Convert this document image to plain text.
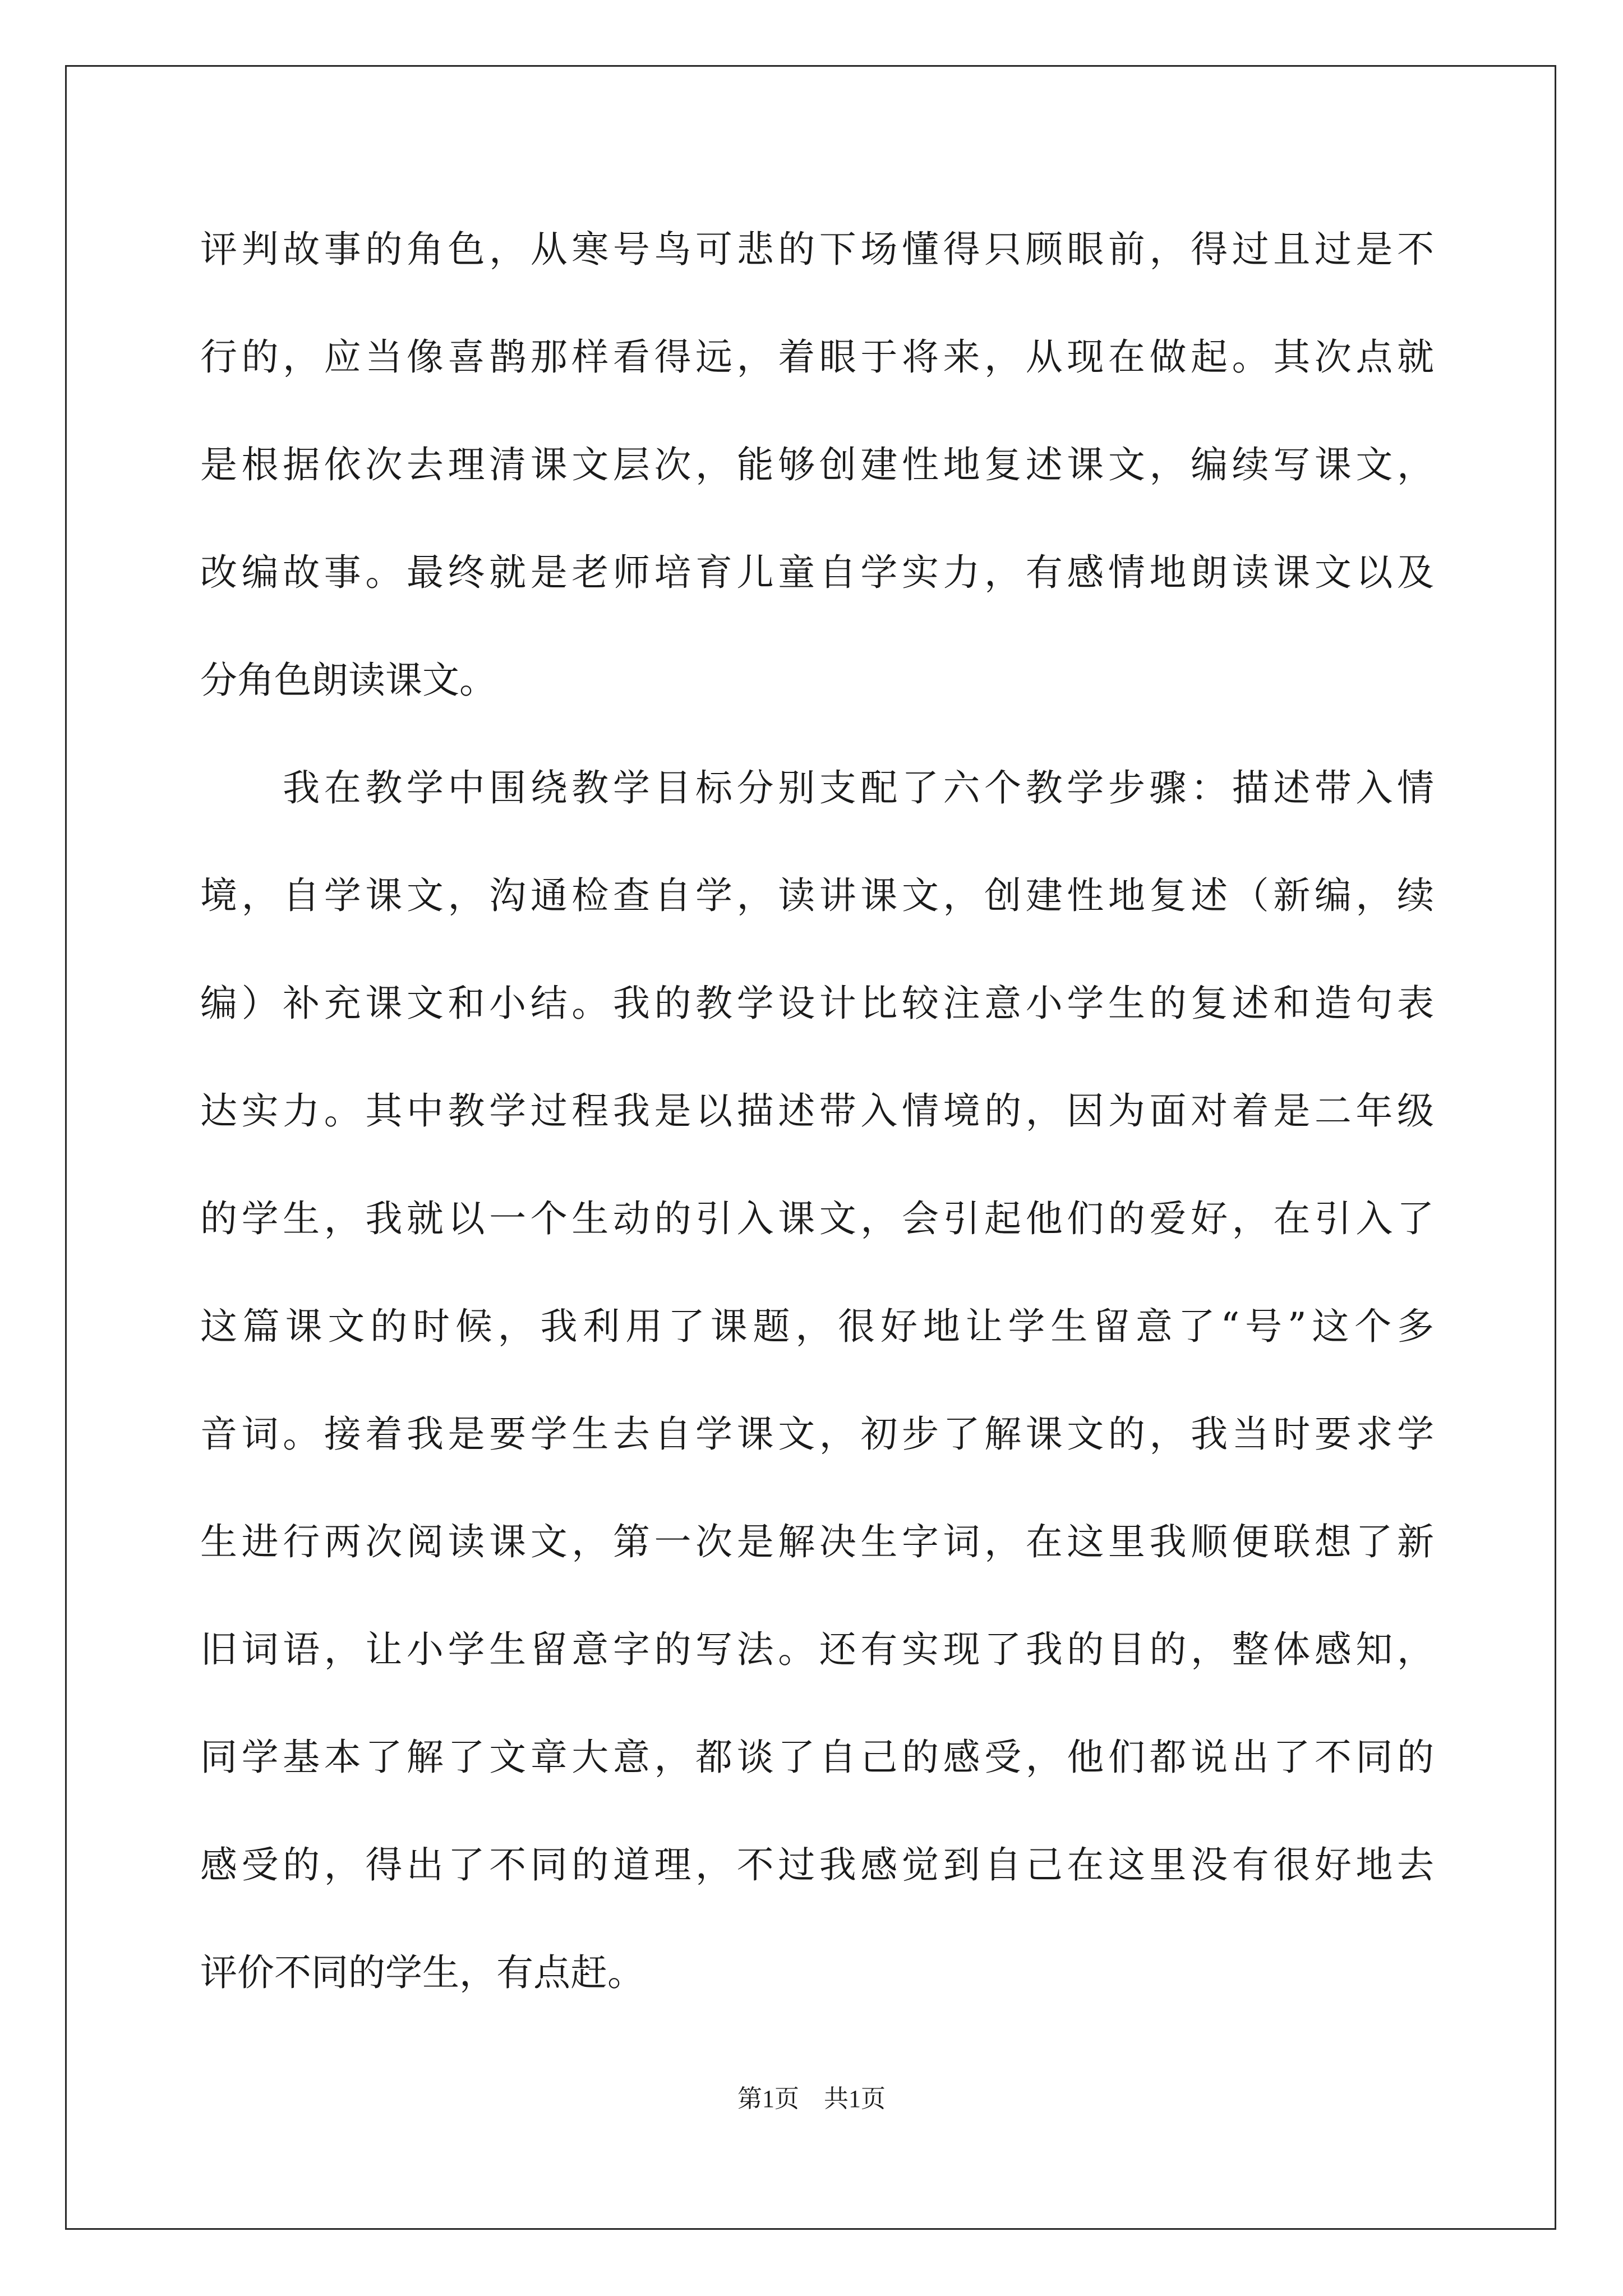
评判故事的角色，从寒号鸟可悲的下场懂得只顾眼前，得过且过是不
行的，应当像喜鹊那样看得远，着眼于将来，从现在做起。其次点就
是根据依次去理清课文层次，能够创建性地复述课文，编续写课文，
改编故事。最终就是老师培育儿童自学实力，有感情地朗读课文以及
分角色朗读课文。
　　我在教学中围绕教学目标分别支配了六个教学步骤：描述带入情
境，自学课文，沟通检查自学，读讲课文，创建性地复述（新编，续
编）补充课文和小结。我的教学设计比较注意小学生的复述和造句表
达实力。其中教学过程我是以描述带入情境的，因为面对着是二年级
的学生，我就以一个生动的引入课文，会引起他们的爱好，在引入了
这篇课文的时候，我利用了课题，很好地让学生留意了“号”这个多
音词。接着我是要学生去自学课文，初步了解课文的，我当时要求学
生进行两次阅读课文，第一次是解决生字词，在这里我顺便联想了新
旧词语，让小学生留意字的写法。还有实现了我的目的，整体感知，
同学基本了解了文章大意，都谈了自己的感受，他们都说出了不同的
感受的，得出了不同的道理，不过我感觉到自己在这里没有很好地去
评价不同的学生，有点赶。
第1页　共1页
